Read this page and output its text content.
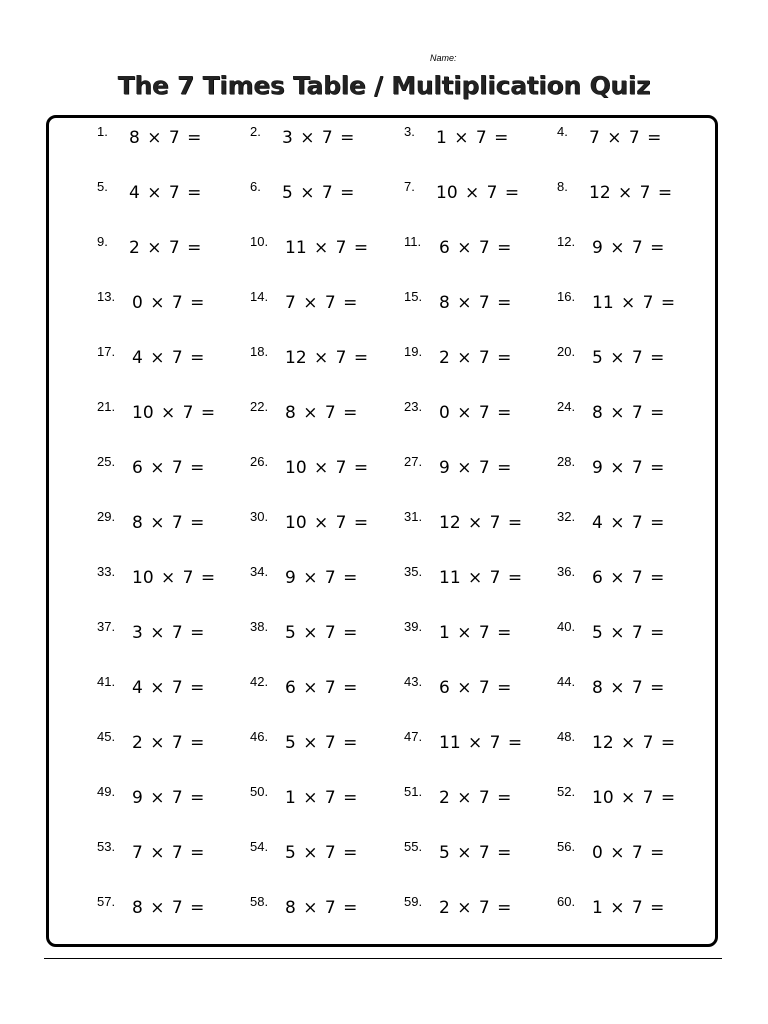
Name:
The 7 Times Table / Multiplication Quiz
1. 8 × 7 =	2. 3 × 7 =	3. 1 × 7 =	4. 7 × 7 =
5. 4 × 7 =	6. 5 × 7 =	7. 10 × 7 =	8. 12 × 7 =
9. 2 × 7 =	10. 11 × 7 =	11. 6 × 7 =	12. 9 × 7 =
13. 0 × 7 =	14. 7 × 7 =	15. 8 × 7 =	16. 11 × 7 =
17. 4 × 7 =	18. 12 × 7 =	19. 2 × 7 =	20. 5 × 7 =
21. 10 × 7 =	22. 8 × 7 =	23. 0 × 7 =	24. 8 × 7 =
25. 6 × 7 =	26. 10 × 7 =	27. 9 × 7 =	28. 9 × 7 =
29. 8 × 7 =	30. 10 × 7 =	31. 12 × 7 =	32. 4 × 7 =
33. 10 × 7 =	34. 9 × 7 =	35. 11 × 7 =	36. 6 × 7 =
37. 3 × 7 =	38. 5 × 7 =	39. 1 × 7 =	40. 5 × 7 =
41. 4 × 7 =	42. 6 × 7 =	43. 6 × 7 =	44. 8 × 7 =
45. 2 × 7 =	46. 5 × 7 =	47. 11 × 7 =	48. 12 × 7 =
49. 9 × 7 =	50. 1 × 7 =	51. 2 × 7 =	52. 10 × 7 =
53. 7 × 7 =	54. 5 × 7 =	55. 5 × 7 =	56. 0 × 7 =
57. 8 × 7 =	58. 8 × 7 =	59. 2 × 7 =	60. 1 × 7 =
